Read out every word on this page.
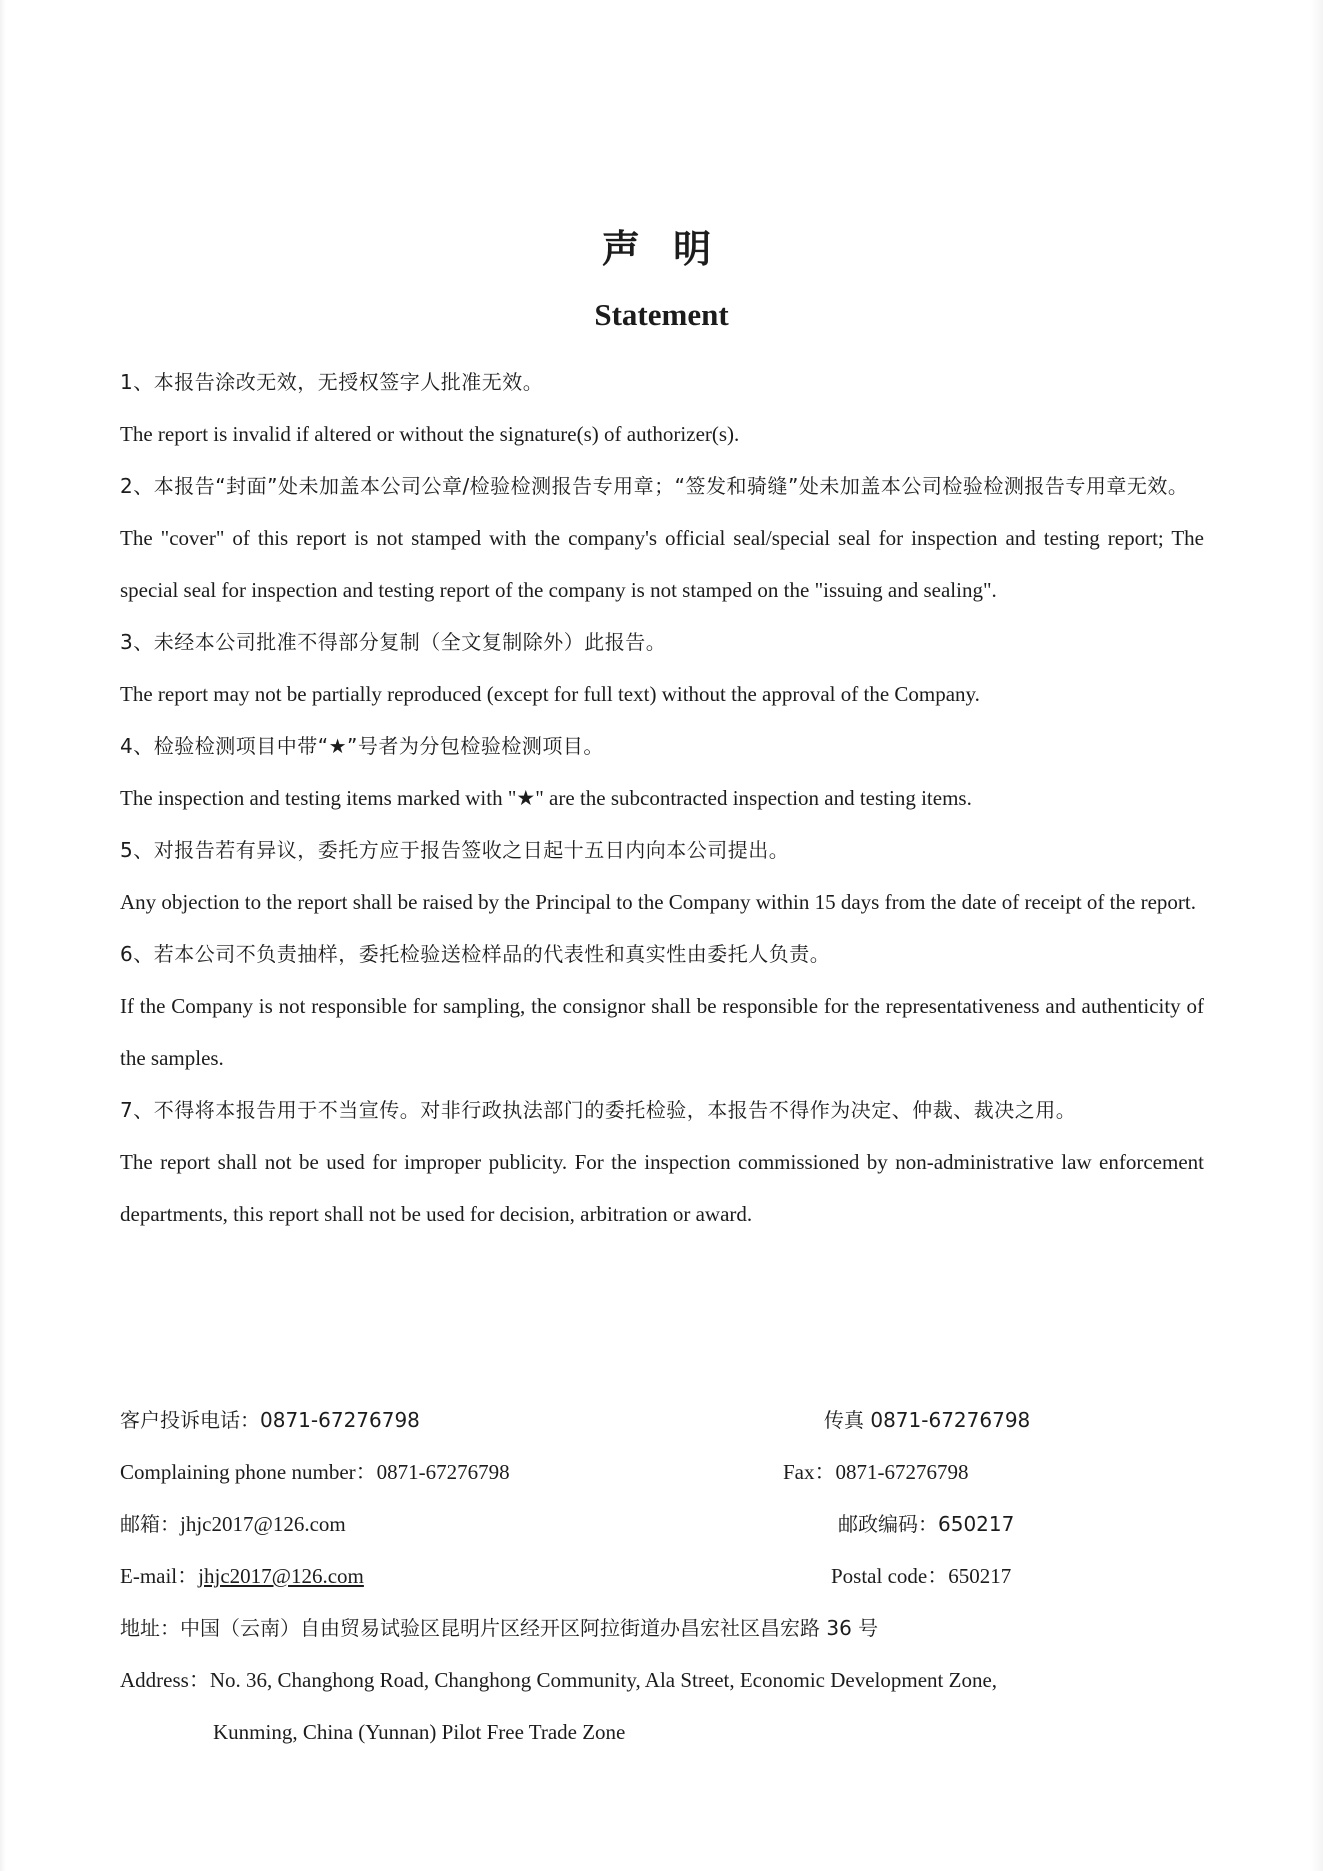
声 明
Statement
1、本报告涂改无效，无授权签字人批准无效。
The report is invalid if altered or without the signature(s) of authorizer(s).
2、本报告“封面”处未加盖本公司公章/检验检测报告专用章；“签发和骑缝”处未加盖本公司检验检测报告专用章无效。
The "cover" of this report is not stamped with the company's official seal/special seal for inspection and testing report; The special seal for inspection and testing report of the company is not stamped on the "issuing and sealing".
3、未经本公司批准不得部分复制（全文复制除外）此报告。
The report may not be partially reproduced (except for full text) without the approval of the Company.
4、检验检测项目中带“★”号者为分包检验检测项目。
The inspection and testing items marked with "★" are the subcontracted inspection and testing items.
5、对报告若有异议，委托方应于报告签收之日起十五日内向本公司提出。
Any objection to the report shall be raised by the Principal to the Company within 15 days from the date of receipt of the report.
6、若本公司不负责抽样，委托检验送检样品的代表性和真实性由委托人负责。
If the Company is not responsible for sampling, the consignor shall be responsible for the representativeness and authenticity of the samples.
7、不得将本报告用于不当宣传。对非行政执法部门的委托检验，本报告不得作为决定、仲裁、裁决之用。
The report shall not be used for improper publicity. For the inspection commissioned by non-administrative law enforcement departments, this report shall not be used for decision, arbitration or award.
客户投诉电话：0871-67276798	传真 0871-67276798
Complaining phone number：0871-67276798	Fax：0871-67276798
邮箱：jhjc2017@126.com	邮政编码：650217
E-mail：jhjc2017@126.com	Postal code：650217
地址：中国（云南）自由贸易试验区昆明片区经开区阿拉街道办昌宏社区昌宏路 36 号
Address：No. 36, Changhong Road, Changhong Community, Ala Street, Economic Development Zone,
Kunming, China (Yunnan) Pilot Free Trade Zone
